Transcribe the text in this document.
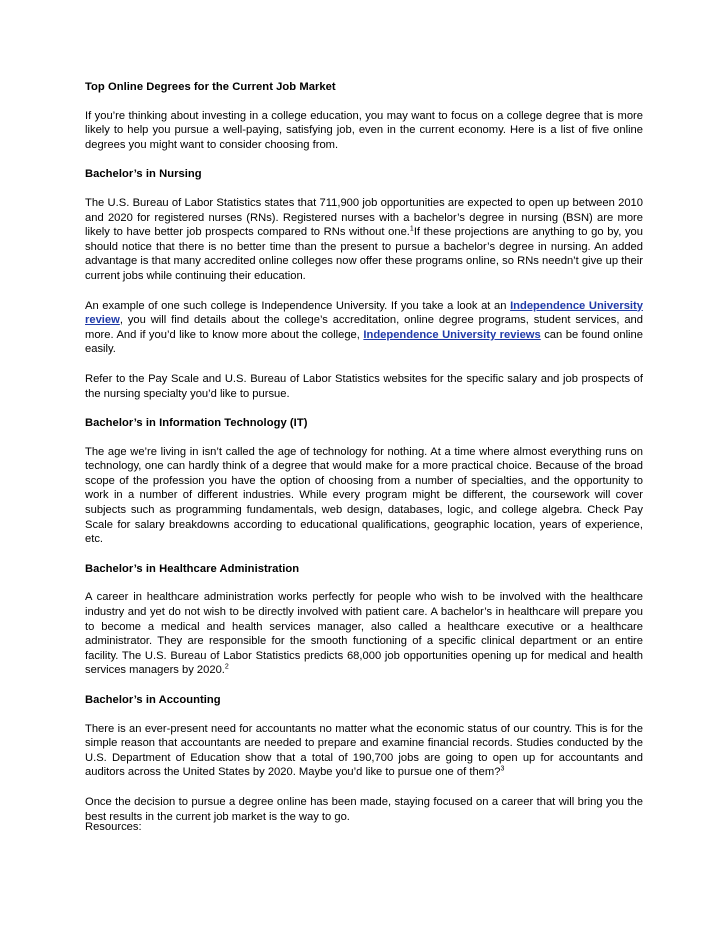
Top Online Degrees for the Current Job Market

If you’re thinking about investing in a college education, you may want to focus on a college degree that is more likely to help you pursue a well-paying, satisfying job, even in the current economy. Here is a list of five online degrees you might want to consider choosing from.

Bachelor’s in Nursing

The U.S. Bureau of Labor Statistics states that 711,900 job opportunities are expected to open up between 2010 and 2020 for registered nurses (RNs). Registered nurses with a bachelor’s degree in nursing (BSN) are more likely to have better job prospects compared to RNs without one.$^1$If these projections are anything to go by, you should notice that there is no better time than the present to pursue a bachelor’s degree in nursing. An added advantage is that many accredited online colleges now offer these programs online, so RNs needn’t give up their current jobs while continuing their education.

An example of one such college is Independence University. If you take a look at an Independence University review, you will find details about the college’s accreditation, online degree programs, student services, and more. And if you’d like to know more about the college, Independence University reviews can be found online easily.

Refer to the Pay Scale and U.S. Bureau of Labor Statistics websites for the specific salary and job prospects of the nursing specialty you’d like to pursue.

Bachelor’s in Information Technology (IT)

The age we’re living in isn’t called the age of technology for nothing. At a time where almost everything runs on technology, one can hardly think of a degree that would make for a more practical choice. Because of the broad scope of the profession you have the option of choosing from a number of specialties, and the opportunity to work in a number of different industries. While every program might be different, the coursework will cover subjects such as programming fundamentals, web design, databases, logic, and college algebra. Check Pay Scale for salary breakdowns according to educational qualifications, geographic location, years of experience, etc.

Bachelor’s in Healthcare Administration

A career in healthcare administration works perfectly for people who wish to be involved with the healthcare industry and yet do not wish to be directly involved with patient care. A bachelor’s in healthcare will prepare you to become a medical and health services manager, also called a healthcare executive or a healthcare administrator. They are responsible for the smooth functioning of a specific clinical department or an entire facility. The U.S. Bureau of Labor Statistics predicts 68,000 job opportunities opening up for medical and health services managers by 2020.$^2$

Bachelor’s in Accounting

There is an ever-present need for accountants no matter what the economic status of our country. This is for the simple reason that accountants are needed to prepare and examine financial records. Studies conducted by the U.S. Department of Education show that a total of 190,700 jobs are going to open up for accountants and auditors across the United States by 2020. Maybe you’d like to pursue one of them?$^3$

Once the decision to pursue a degree online has been made, staying focused on a career that will bring you the best results in the current job market is the way to go.

Resources:
